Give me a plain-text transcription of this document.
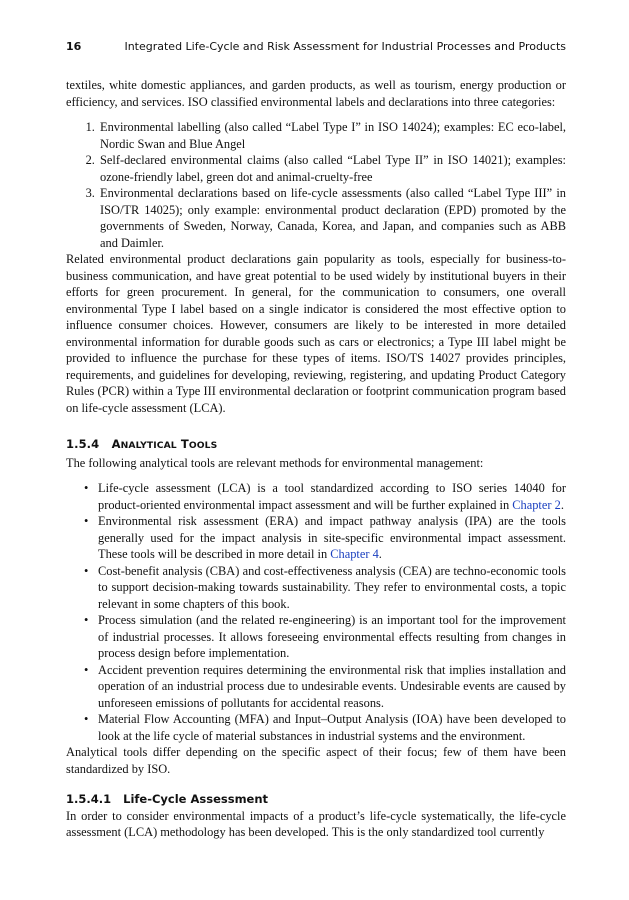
16	Integrated Life-Cycle and Risk Assessment for Industrial Processes and Products

textiles, white domestic appliances, and garden products, as well as tourism, energy production or efficiency, and services. ISO classified environmental labels and declarations into three categories:

1. Environmental labelling (also called “Label Type I” in ISO 14024); examples: EC eco-label, Nordic Swan and Blue Angel
2. Self-declared environmental claims (also called “Label Type II” in ISO 14021); examples: ozone-friendly label, green dot and animal-cruelty-free
3. Environmental declarations based on life-cycle assessments (also called “Label Type III” in ISO/TR 14025); only example: environmental product declaration (EPD) promoted by the governments of Sweden, Norway, Canada, Korea, and Japan, and companies such as ABB and Daimler.

Related environmental product declarations gain popularity as tools, especially for business-to-business communication, and have great potential to be used widely by institutional buyers in their efforts for green procurement. In general, for the communication to consumers, one overall environmental Type I label based on a single indicator is considered the most effective option to influence consumer choices. However, consumers are likely to be interested in more detailed environmental information for durable goods such as cars or electronics; a Type III label might be provided to influence the purchase for these types of items. ISO/TS 14027 provides principles, requirements, and guidelines for developing, reviewing, registering, and updating Product Category Rules (PCR) within a Type III environmental declaration or footprint communication program based on life-cycle assessment (LCA).

1.5.4 ANALYTICAL TOOLS

The following analytical tools are relevant methods for environmental management:

• Life-cycle assessment (LCA) is a tool standardized according to ISO series 14040 for product-oriented environmental impact assessment and will be further explained in Chapter 2.
• Environmental risk assessment (ERA) and impact pathway analysis (IPA) are the tools generally used for the impact analysis in site-specific environmental impact assessment. These tools will be described in more detail in Chapter 4.
• Cost-benefit analysis (CBA) and cost-effectiveness analysis (CEA) are techno-economic tools to support decision-making towards sustainability. They refer to environmental costs, a topic relevant in some chapters of this book.
• Process simulation (and the related re-engineering) is an important tool for the improvement of industrial processes. It allows foreseeing environmental effects resulting from changes in process design before implementation.
• Accident prevention requires determining the environmental risk that implies installation and operation of an industrial process due to undesirable events. Undesirable events are caused by unforeseen emissions of pollutants for accidental reasons.
• Material Flow Accounting (MFA) and Input–Output Analysis (IOA) have been developed to look at the life cycle of material substances in industrial systems and the environment.

Analytical tools differ depending on the specific aspect of their focus; few of them have been standardized by ISO.

1.5.4.1 Life-Cycle Assessment

In order to consider environmental impacts of a product’s life-cycle systematically, the life-cycle assessment (LCA) methodology has been developed. This is the only standardized tool currently
